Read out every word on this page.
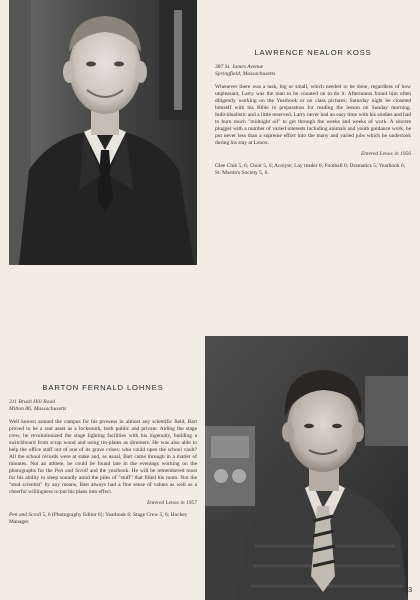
LAWRENCE NEALOR KOSS
387 St. James Avenue
Springfield, Massachusetts
Whenever there was a task, big or small, which needed to be done, regardless of how unpleasant, Larry was the man to be counted on to do it. Afternoons found him often diligently working on the Yearbook or on class pictures; Saturday night he closeted himself with his Bible in preparation for reading the lesson on Sunday morning. Individualistic and a little reserved, Larry never had an easy time with his studies and had to burn much "midnight oil" to get through the weeks and weeks of work. A sincere plugger with a number of varied interests including animals and youth guidance work, he put never less than a supreme effort into the many and varied jobs which he undertook during his stay at Lenox.
Entered Lenox in 1956
Glee Club 5, 6; Choir 5, 6; Acolyte; Lay reader 6; Football 6; Dramatics 5; Yearbook 6; St. Martin's Society 5, 6.
BARTON FERNALD LOHNES
311 Brush Hill Road
Milton 86, Massachusetts
Well known around the campus for his prowess in almost any scientific field, Bart proved to be a real asset as a locksmith, both public and private. Aiding the stage crew, he revolutionized the stage lighting facilities with his ingenuity, building a switchboard from scrap wood and using tin-plates as dimmers. He was also able to help the office staff out of one of its grave crises: who could open the school vault? All the school records were at stake and, as usual, Bart came through in a matter of minutes. Not an athlete, he could be found late in the evenings working on the photographs for the Pen and Scroll and the yearbook. He will be remembered most for his ability to sleep soundly amid the piles of "stuff" that filled his room. Not the "stud scientist" by any means, Bart always had a fine sense of values as well as a cheerful willingness to put his plans into effect.
Entered Lenox in 1957
Pen and Scroll 5, 6 (Photography Editor 6); Yearbook 6; Stage Crew 5, 6; Hockey Manager.
33
